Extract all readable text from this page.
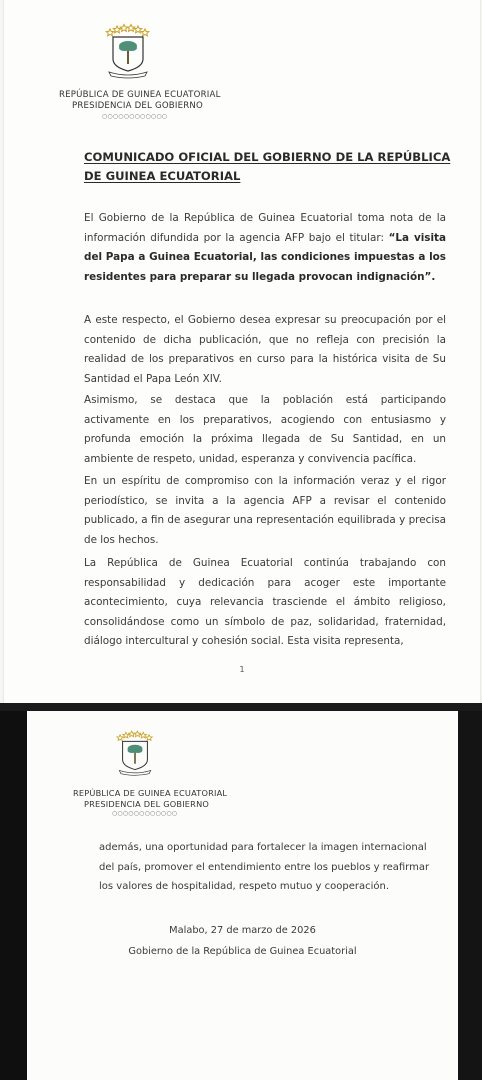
REPÚBLICA DE GUINEA ECUATORIAL
PRESIDENCIA DEL GOBIERNO
○○○○○○○○○○○○
COMUNICADO OFICIAL DEL GOBIERNO DE LA REPÚBLICA DE GUINEA ECUATORIAL

El Gobierno de la República de Guinea Ecuatorial toma nota de la información difundida por la agencia AFP bajo el titular: “La visita del Papa a Guinea Ecuatorial, las condiciones impuestas a los residentes para preparar su llegada provocan indignación”.

A este respecto, el Gobierno desea expresar su preocupación por el contenido de dicha publicación, que no refleja con precisión la realidad de los preparativos en curso para la histórica visita de Su Santidad el Papa León XIV.

Asimismo, se destaca que la población está participando activamente en los preparativos, acogiendo con entusiasmo y profunda emoción la próxima llegada de Su Santidad, en un ambiente de respeto, unidad, esperanza y convivencia pacífica.

En un espíritu de compromiso con la información veraz y el rigor periodístico, se invita a la agencia AFP a revisar el contenido publicado, a fin de asegurar una representación equilibrada y precisa de los hechos.

La República de Guinea Ecuatorial continúa trabajando con responsabilidad y dedicación para acoger este importante acontecimiento, cuya relevancia trasciende el ámbito religioso, consolidándose como un símbolo de paz, solidaridad, fraternidad, diálogo intercultural y cohesión social. Esta visita representa,

1
REPÚBLICA DE GUINEA ECUATORIAL
PRESIDENCIA DEL GOBIERNO
○○○○○○○○○○○○

además, una oportunidad para fortalecer la imagen internacional del país, promover el entendimiento entre los pueblos y reafirmar los valores de hospitalidad, respeto mutuo y cooperación.

Malabo, 27 de marzo de 2026
Gobierno de la República de Guinea Ecuatorial
